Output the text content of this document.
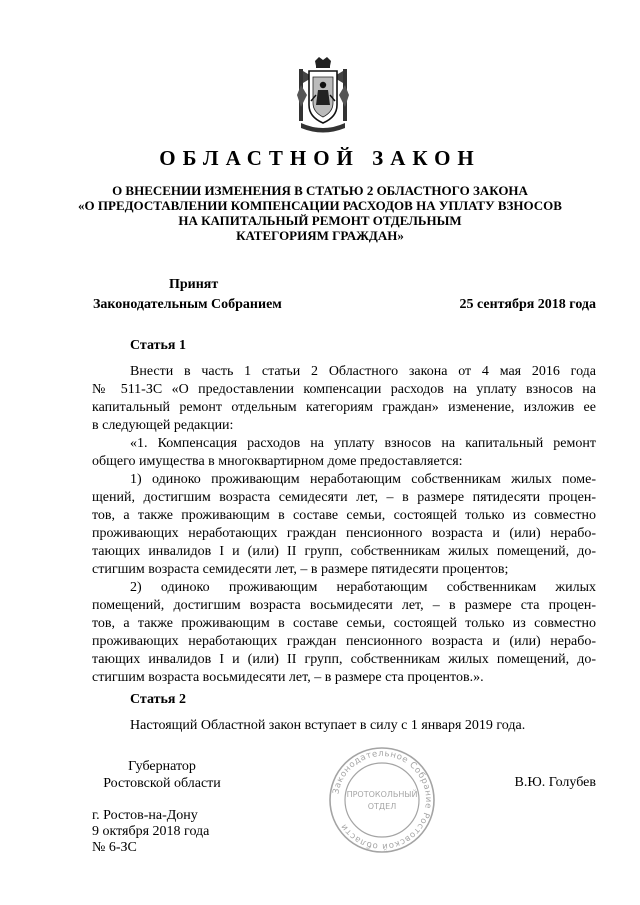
ОБЛАСТНОЙ ЗАКОН
О ВНЕСЕНИИ ИЗМЕНЕНИЯ В СТАТЬЮ 2 ОБЛАСТНОГО ЗАКОНА
«О ПРЕДОСТАВЛЕНИИ КОМПЕНСАЦИИ РАСХОДОВ НА УПЛАТУ ВЗНОСОВ
НА КАПИТАЛЬНЫЙ РЕМОНТ ОТДЕЛЬНЫМ
КАТЕГОРИЯМ ГРАЖДАН»
Принят
Законодательным Собранием	25 сентября 2018 года
Статья 1
Внести в часть 1 статьи 2 Областного закона от 4 мая 2016 года
№ 511-ЗС «О предоставлении компенсации расходов на уплату взносов на
капитальный ремонт отдельным категориям граждан» изменение, изложив ее
в следующей редакции:
«1. Компенсация расходов на уплату взносов на капитальный ремонт
общего имущества в многоквартирном доме предоставляется:
1) одиноко проживающим неработающим собственникам жилых поме-
щений, достигшим возраста семидесяти лет, – в размере пятидесяти процен-
тов, а также проживающим в составе семьи, состоящей только из совместно
проживающих неработающих граждан пенсионного возраста и (или) нерабо-
тающих инвалидов I и (или) II групп, собственникам жилых помещений, до-
стигшим возраста семидесяти лет, – в размере пятидесяти процентов;
2) одиноко проживающим неработающим собственникам жилых
помещений, достигшим возраста восьмидесяти лет, – в размере ста процен-
тов, а также проживающим в составе семьи, состоящей только из совместно
проживающих неработающих граждан пенсионного возраста и (или) нерабо-
тающих инвалидов I и (или) II групп, собственникам жилых помещений, до-
стигшим возраста восьмидесяти лет, – в размере ста процентов.».
Статья 2
Настоящий Областной закон вступает в силу с 1 января 2019 года.
Губернатор
Ростовской области
Законодательное Собрание Ростовской области
ПРОТОКОЛЬНЫЙ
ОТДЕЛ
В.Ю. Голубев
г. Ростов-на-Дону
9 октября 2018 года
№ 6-ЗС
